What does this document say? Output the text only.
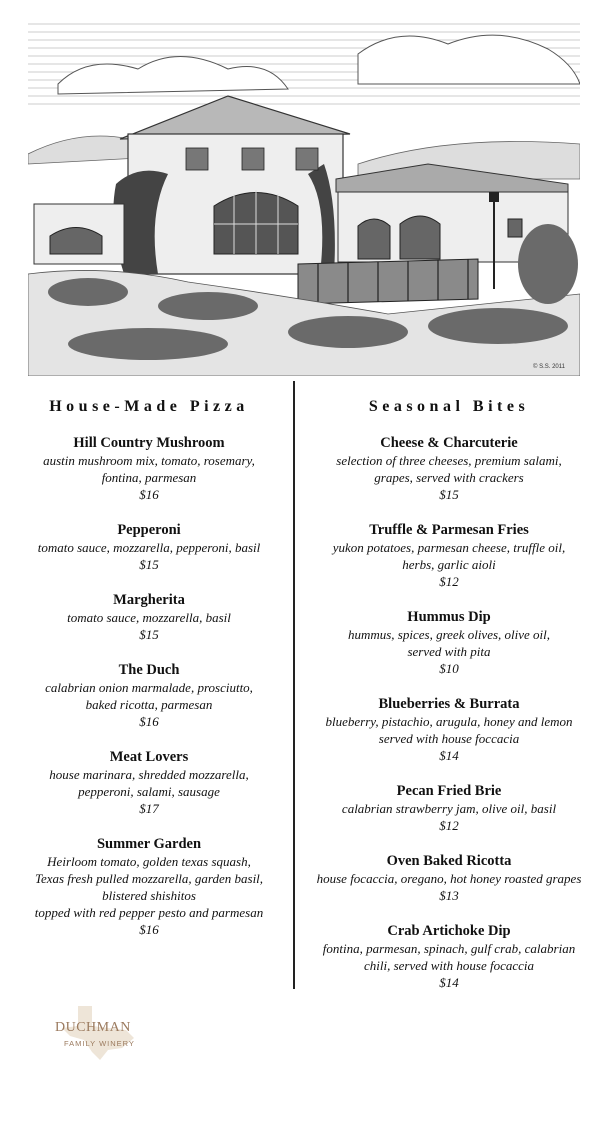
© S.S. 2011
House-Made Pizza
Hill Country Mushroom
austin mushroom mix, tomato, rosemary,
fontina, parmesan
$16
Pepperoni
tomato sauce, mozzarella, pepperoni, basil
$15
Margherita
tomato sauce, mozzarella, basil
$15
The Duch
calabrian onion marmalade, prosciutto,
baked ricotta, parmesan
$16
Meat Lovers
house marinara, shredded mozzarella,
pepperoni, salami, sausage
$17
Summer Garden
Heirloom tomato, golden texas squash,
Texas fresh pulled mozzarella, garden basil,
blistered shishitos
topped with red pepper pesto and parmesan
$16
Seasonal Bites
Cheese & Charcuterie
selection of three cheeses, premium salami,
grapes, served with crackers
$15
Truffle & Parmesan Fries
yukon potatoes, parmesan cheese, truffle oil,
herbs, garlic aioli
$12
Hummus Dip
hummus, spices, greek olives, olive oil,
served with pita
$10
Blueberries & Burrata
blueberry, pistachio, arugula, honey and lemon
served with house foccacia
$14
Pecan Fried Brie
calabrian strawberry jam, olive oil, basil
$12
Oven Baked Ricotta
house focaccia, oregano, hot honey roasted grapes
$13
Crab Artichoke Dip
fontina, parmesan, spinach, gulf crab, calabrian
chili, served with house focaccia
$14
DUCHMAN
FAMILY WINERY
